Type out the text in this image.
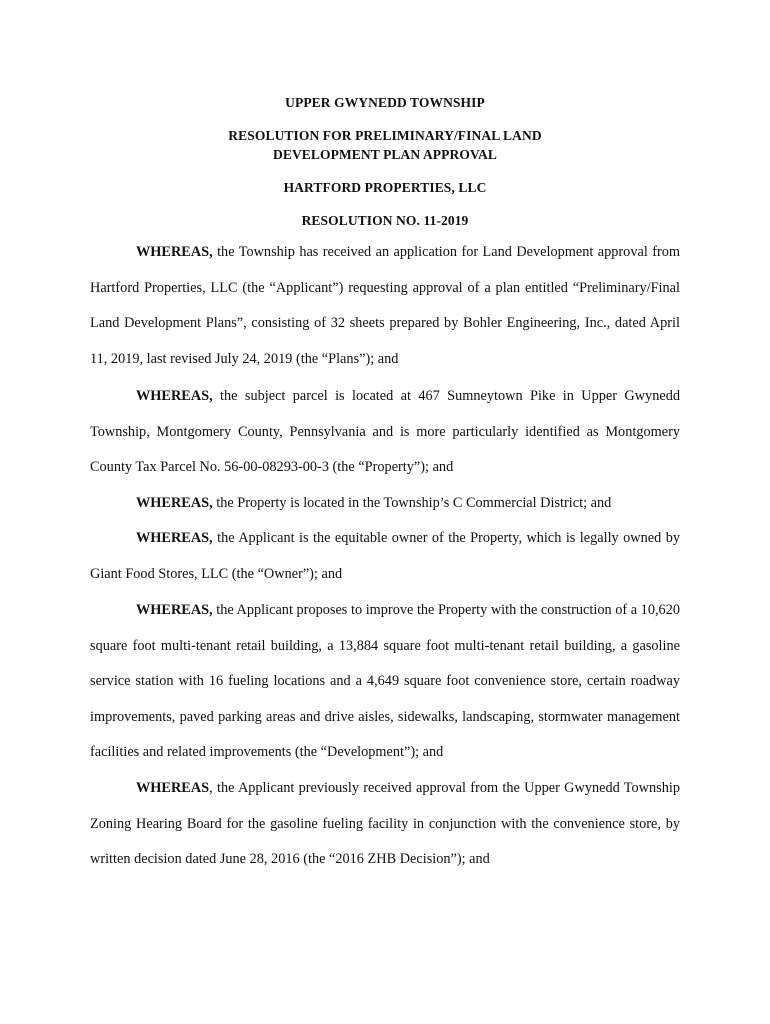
UPPER GWYNEDD TOWNSHIP
RESOLUTION FOR PRELIMINARY/FINAL LAND
DEVELOPMENT PLAN APPROVAL
HARTFORD PROPERTIES, LLC
RESOLUTION NO. 11-2019
WHEREAS, the Township has received an application for Land Development approval from Hartford Properties, LLC (the “Applicant”) requesting approval of a plan entitled “Preliminary/Final Land Development Plans”, consisting of 32 sheets prepared by Bohler Engineering, Inc., dated April 11, 2019, last revised July 24, 2019 (the “Plans”); and
WHEREAS, the subject parcel is located at 467 Sumneytown Pike in Upper Gwynedd Township, Montgomery County, Pennsylvania and is more particularly identified as Montgomery County Tax Parcel No. 56-00-08293-00-3 (the “Property”); and
WHEREAS, the Property is located in the Township’s C Commercial District; and
WHEREAS, the Applicant is the equitable owner of the Property, which is legally owned by Giant Food Stores, LLC (the “Owner”); and
WHEREAS, the Applicant proposes to improve the Property with the construction of a 10,620 square foot multi-tenant retail building, a 13,884 square foot multi-tenant retail building, a gasoline service station with 16 fueling locations and a 4,649 square foot convenience store, certain roadway improvements, paved parking areas and drive aisles, sidewalks, landscaping, stormwater management facilities and related improvements (the “Development”); and
WHEREAS, the Applicant previously received approval from the Upper Gwynedd Township Zoning Hearing Board for the gasoline fueling facility in conjunction with the convenience store, by written decision dated June 28, 2016 (the “2016 ZHB Decision”); and
